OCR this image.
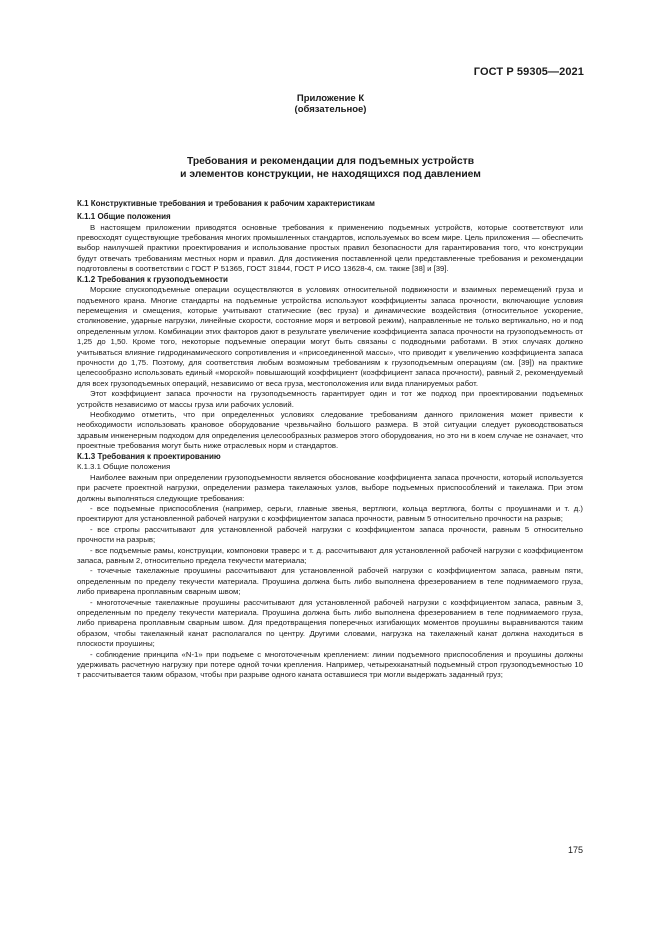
ГОСТ Р 59305—2021
Приложение К
(обязательное)
Требования и рекомендации для подъемных устройств
и элементов конструкции, не находящихся под давлением
К.1 Конструктивные требования и требования к рабочим характеристикам
К.1.1 Общие положения

В настоящем приложении приводятся основные требования к применению подъемных устройств, которые соответствуют или превосходят существующие требования многих промышленных стандартов, используемых во всем мире. Цель приложения — обеспечить выбор наилучшей практики проектирования и использование простых правил безопасности для гарантирования того, что конструкции будут отвечать требованиям местных норм и правил. Для достижения поставленной цели представленные требования и рекомендации подготовлены в соответствии с ГОСТ Р 51365, ГОСТ 31844, ГОСТ Р ИСО 13628-4, см. также [38] и [39].

К.1.2 Требования к грузоподъемности

Морские спускоподъемные операции осуществляются в условиях относительной подвижности и взаимных перемещений груза и подъемного крана. Многие стандарты на подъемные устройства используют коэффициенты запаса прочности, включающие условия перемещения и смещения, которые учитывают статические (вес груза) и динамические воздействия (относительное ускорение, столкновение, ударные нагрузки, линейные скорости, состояние моря и ветровой режим), направленные не только вертикально, но и под определенным углом. Комбинации этих факторов дают в результате увеличение коэффициента запаса прочности на грузоподъемность от 1,25 до 1,50. Кроме того, некоторые подъемные операции могут быть связаны с подводными работами. В этих случаях должно учитываться влияние гидродинамического сопротивления и «присоединенной массы», что приводит к увеличению коэффициента запаса прочности до 1,75. Поэтому, для соответствия любым возможным требованиям к грузоподъемным операциям (см. [39]) на практике целесообразно использовать единый «морской» повышающий коэффициент (коэффициент запаса прочности), равный 2, рекомендуемый для всех грузоподъемных операций, независимо от веса груза, местоположения или вида планируемых работ.

Этот коэффициент запаса прочности на грузоподъемность гарантирует один и тот же подход при проектировании подъемных устройств независимо от массы груза или рабочих условий.

Необходимо отметить, что при определенных условиях следование требованиям данного приложения может привести к необходимости использовать крановое оборудование чрезвычайно большого размера. В этой ситуации следует руководствоваться здравым инженерным подходом для определения целесообразных размеров этого оборудования, но это ни в коем случае не означает, что проектные требования могут быть ниже отраслевых норм и стандартов.

К.1.3 Требования к проектированию
К.1.3.1 Общие положения

Наиболее важным при определении грузоподъемности является обоснование коэффициента запаса прочности, который используется при расчете проектной нагрузки, определении размера такелажных узлов, выборе подъемных приспособлений и такелажа. При этом должны выполняться следующие требования:

- все подъемные приспособления (например, серьги, главные звенья, вертлюги, кольца вертлюга, болты с проушинами и т. д.) проектируют для установленной рабочей нагрузки с коэффициентом запаса прочности, равным 5 относительно прочности на разрыв;

- все стропы рассчитывают для установленной рабочей нагрузки с коэффициентом запаса прочности, равным 5 относительно прочности на разрыв;

- все подъемные рамы, конструкции, компоновки траверс и т. д. рассчитывают для установленной рабочей нагрузки с коэффициентом запаса, равным 2, относительно предела текучести материала;

- точечные такелажные проушины рассчитывают для установленной рабочей нагрузки с коэффициентом запаса, равным пяти, определенным по пределу текучести материала. Проушина должна быть либо выполнена фрезерованием в теле поднимаемого груза, либо приварена проплавным сварным швом;

- многоточечные такелажные проушины рассчитывают для установленной рабочей нагрузки с коэффициентом запаса, равным 3, определенным по пределу текучести материала. Проушина должна быть либо выполнена фрезерованием в теле поднимаемого груза, либо приварена проплавным сварным швом. Для предотвращения поперечных изгибающих моментов проушины выравниваются таким образом, чтобы такелажный канат располагался по центру. Другими словами, нагрузка на такелажный канат должна находиться в плоскости проушины;

- соблюдение принципа «N-1» при подъеме с многоточечным креплением: линии подъемного приспособления и проушины должны удерживать расчетную нагрузку при потере одной точки крепления. Например, четырехканатный подъемный строп грузоподъемностью 10 т рассчитывается таким образом, чтобы при разрыве одного каната оставшиеся три могли выдержать заданный груз;

175
